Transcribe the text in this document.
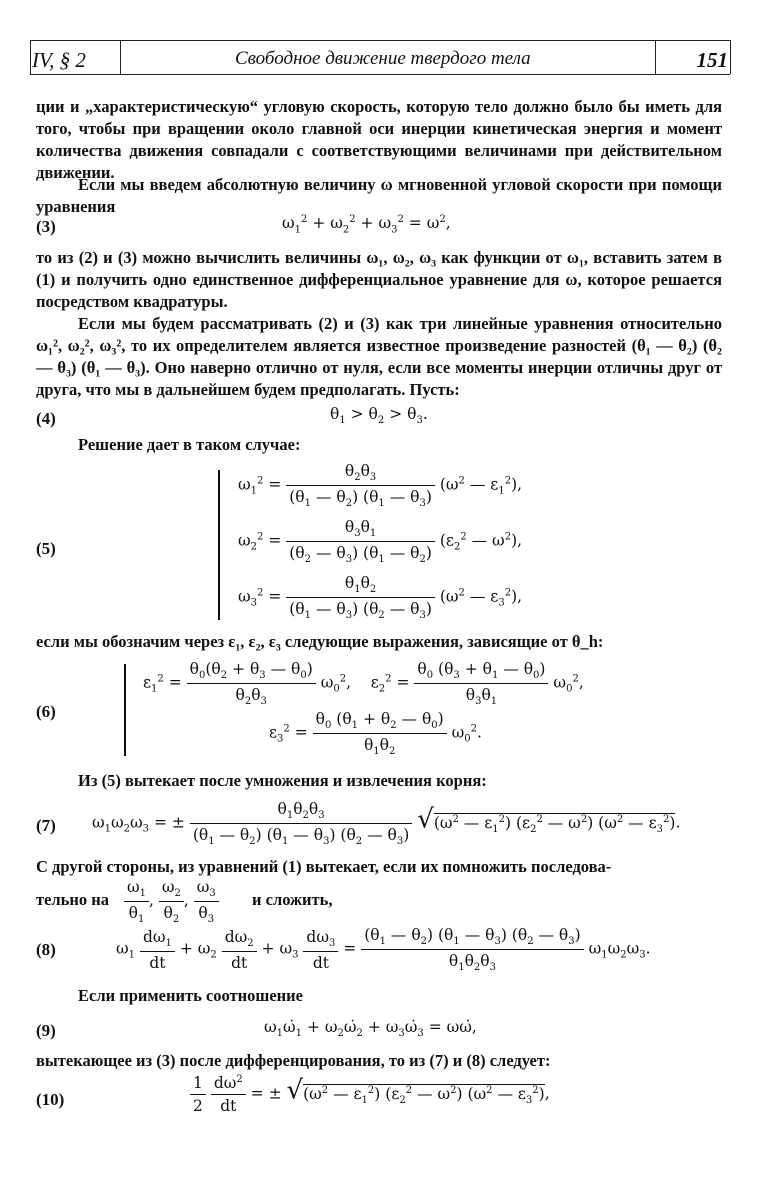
IV, § 2	Свободное движение твердого тела	151
ции и „характеристическую“ угловую скорость, которую тело должно было бы иметь для того, чтобы при вращении около главной оси инерции кинетическая энергия и момент количества движения совпадали с соответствующими величинами при действительном движении.
Если мы введем абсолютную величину ω мгновенной угловой скорости при помощи уравнения
(3)	$\omega_1^2 + \omega_2^2 + \omega_3^2 = \omega^2$,
то из (2) и (3) можно вычислить величины ω₁, ω₂, ω₃ как функции от ω₁, вставить затем в (1) и получить одно единственное дифференциальное уравнение для ω, которое решается посредством квадратуры.
Если мы будем рассматривать (2) и (3) как три линейные уравнения относительно ω₁², ω₂², ω₃², то их определителем является известное произведение разностей (θ₁ — θ₂) (θ₂ — θ₃) (θ₁ — θ₃). Оно наверно отлично от нуля, если все моменты инерции отличны друг от друга, что мы в дальнейшем будем предполагать. Пусть:
(4)	$\theta_1 > \theta_2 > \theta_3$.
Решение дает в таком случае:
(5)
$\omega_1^2 = \frac{\theta_2\theta_3}{(\theta_1 — \theta_2) (\theta_1 — \theta_3)} (\omega^2$ — $\varepsilon_1^2$),
$\omega_2^2 = \frac{\theta_3\theta_1}{(\theta_2 — \theta_3) (\theta_1 — \theta_2)} (\varepsilon_2^2$ — $\omega^2$),
$\omega_3^2 = \frac{\theta_1\theta_2}{(\theta_1 — \theta_3) (\theta_2 — \theta_3)} (\omega^2$ — $\varepsilon_3^2$),
если мы обозначим через ε₁, ε₂, ε₃ следующие выражения, зависящие от θ_h:
(6)
$\varepsilon_1^2 = \frac{\theta_0(\theta_2 + \theta_3 — \theta_0)}{\theta_2\theta_3} \omega_0^2$,    $\varepsilon_2^2 = \frac{\theta_0 (\theta_3 + \theta_1 — \theta_0)}{\theta_3\theta_1} \omega_0^2$,
$\varepsilon_3^2 = \frac{\theta_0 (\theta_1 + \theta_2 — \theta_0)}{\theta_1\theta_2} \omega_0^2$.
Из (5) вытекает после умножения и извлечения корня:
(7) $\omega_1\omega_2\omega_3$ = ± $\frac{\theta_1\theta_2\theta_3}{(\theta_1 — \theta_2) (\theta_1 — \theta_3) (\theta_2 — \theta_3)} √(\omega^2$ — $\varepsilon_1^2$) ($\varepsilon_2^2$ — $\omega^2$) ($\omega^2$ — $\varepsilon_3^2$).
С другой стороны, из уравнений (1) вытекает, если их помножить последова-
тельно на $\frac{\omega_1}{\theta_1}$ , $\frac{\omega_2}{\theta_2}$ , $\frac{\omega_3}{\theta_3}$ и сложить,
(8)	$\omega_1 \frac{d\omega_1}{dt} + \omega_2 \frac{d\omega_2}{dt} + \omega_3 \frac{d\omega_3}{dt} = \frac{(\theta_1 — \theta_2) (\theta_1 — \theta_3) (\theta_2 — \theta_3)}{\theta_1\theta_2\theta_3} \omega_1\omega_2\omega_3$.
Если применить соотношение
(9)	$\omega_1\omegȧ_1$ + $\omega_2\omegȧ_2$ + $\omega_3\omegȧ_3$ = ωω̇,
вытекающее из (3) после дифференцирования, то из (7) и (8) следует:
(10)	$\frac{1}{2}$
$\frac{d\omega^2}{dt}$ = ± $√(\omega^2$ — $\varepsilon_1^2$) ($\varepsilon_2^2$ — $\omega^2$) ($\omega^2$ — $\varepsilon_3^2$),
